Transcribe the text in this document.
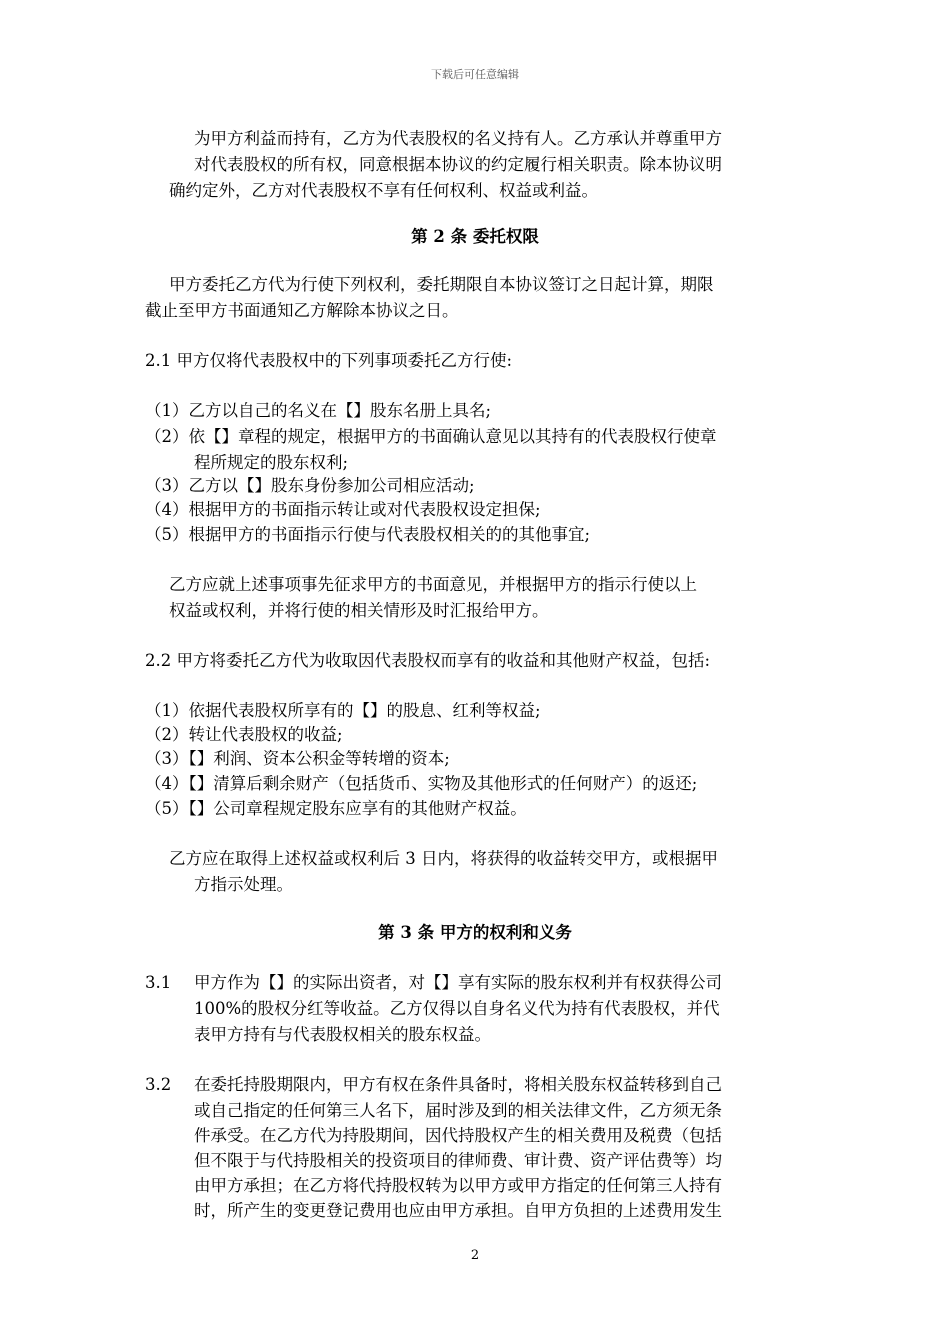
下载后可任意编辑
为甲方利益而持有，乙方为代表股权的名义持有人。乙方承认并尊重甲方
对代表股权的所有权，同意根据本协议的约定履行相关职责。除本协议明
确约定外，乙方对代表股权不享有任何权利、权益或利益。
第 2 条 委托权限
甲方委托乙方代为行使下列权利，委托期限自本协议签订之日起计算，期限
截止至甲方书面通知乙方解除本协议之日。
2.1 甲方仅将代表股权中的下列事项委托乙方行使:
（1）乙方以自己的名义在【】股东名册上具名;
（2）依【】章程的规定，根据甲方的书面确认意见以其持有的代表股权行使章
程所规定的股东权利;
（3）乙方以【】股东身份参加公司相应活动;
（4）根据甲方的书面指示转让或对代表股权设定担保;
（5）根据甲方的书面指示行使与代表股权相关的的其他事宜;
乙方应就上述事项事先征求甲方的书面意见，并根据甲方的指示行使以上
权益或权利，并将行使的相关情形及时汇报给甲方。
2.2 甲方将委托乙方代为收取因代表股权而享有的收益和其他财产权益，包括:
（1）依据代表股权所享有的【】的股息、红利等权益;
（2）转让代表股权的收益;
（3）【】利润、资本公积金等转增的资本;
（4）【】清算后剩余财产（包括货币、实物及其他形式的任何财产）的返还;
（5）【】公司章程规定股东应享有的其他财产权益。
乙方应在取得上述权益或权利后 3 日内，将获得的收益转交甲方，或根据甲
方指示处理。
第 3 条 甲方的权利和义务
3.1 甲方作为【】的实际出资者，对【】享有实际的股东权利并有权获得公司
100%的股权分红等收益。乙方仅得以自身名义代为持有代表股权，并代
表甲方持有与代表股权相关的股东权益。
3.2 在委托持股期限内，甲方有权在条件具备时，将相关股东权益转移到自己
或自己指定的任何第三人名下，届时涉及到的相关法律文件，乙方须无条
件承受。在乙方代为持股期间，因代持股权产生的相关费用及税费（包括
但不限于与代持股相关的投资项目的律师费、审计费、资产评估费等）均
由甲方承担；在乙方将代持股权转为以甲方或甲方指定的任何第三人持有
时，所产生的变更登记费用也应由甲方承担。自甲方负担的上述费用发生
2
